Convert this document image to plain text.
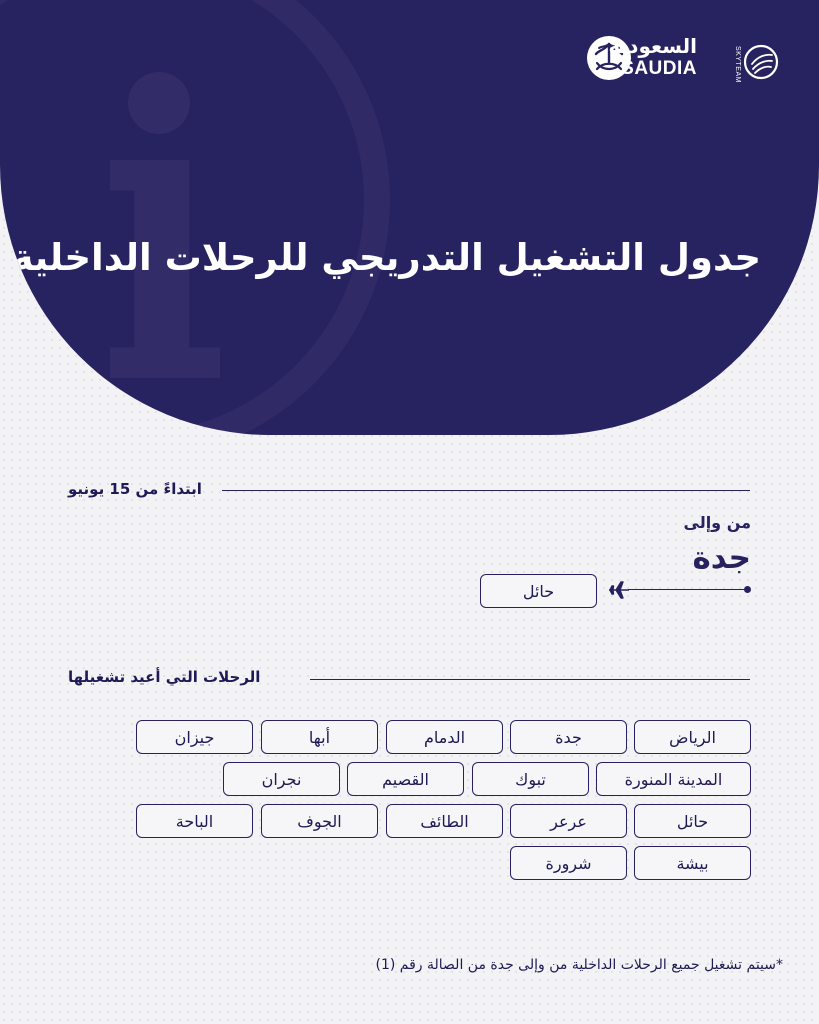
السعودية
SAUDIA	SKYTEAM
جدول التشغيل التدريجي للرحلات الداخلية
ابتداءً من 15 يونيو
من وإلى
جدة
حائل
الرحلات التي أعيد تشغيلها
الرياض
جدة
الدمام
أبها
جيزان
المدينة المنورة
تبوك
القصيم
نجران
حائل
عرعر
الطائف
الجوف
الباحة
بيشة
شرورة
*سيتم تشغيل جميع الرحلات الداخلية من وإلى جدة من الصالة رقم (1)
